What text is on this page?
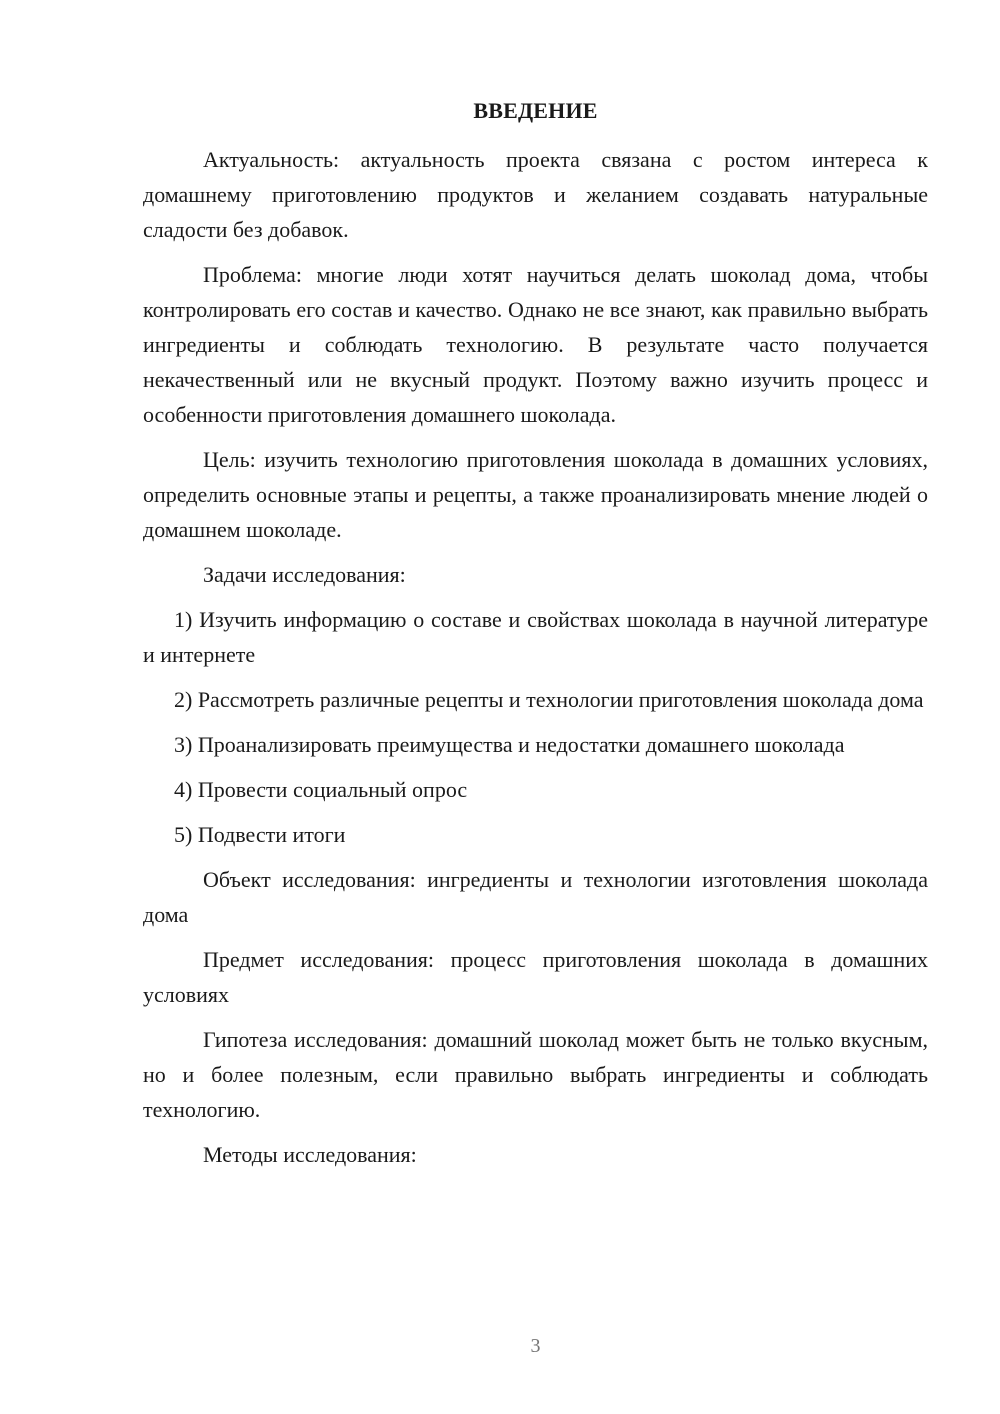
ВВЕДЕНИЕ

Актуальность: актуальность проекта связана с ростом интереса к домашнему приготовлению продуктов и желанием создавать натуральные сладости без добавок.

Проблема: многие люди хотят научиться делать шоколад дома, чтобы контролировать его состав и качество. Однако не все знают, как правильно выбрать ингредиенты и соблюдать технологию. В результате часто получается некачественный или не вкусный продукт. Поэтому важно изучить процесс и особенности приготовления домашнего шоколада.

Цель: изучить технологию приготовления шоколада в домашних условиях, определить основные этапы и рецепты, а также проанализировать мнение людей о домашнем шоколаде.

Задачи исследования:

1) Изучить информацию о составе и свойствах шоколада в научной литературе и интернете

2) Рассмотреть различные рецепты и технологии приготовления шоколада дома

3) Проанализировать преимущества и недостатки домашнего шоколада

4) Провести социальный опрос

5) Подвести итоги

Объект исследования: ингредиенты и технологии изготовления шоколада дома

Предмет исследования: процесс приготовления шоколада в домашних условиях

Гипотеза исследования: домашний шоколад может быть не только вкусным, но и более полезным, если правильно выбрать ингредиенты и соблюдать технологию.

Методы исследования:

3
